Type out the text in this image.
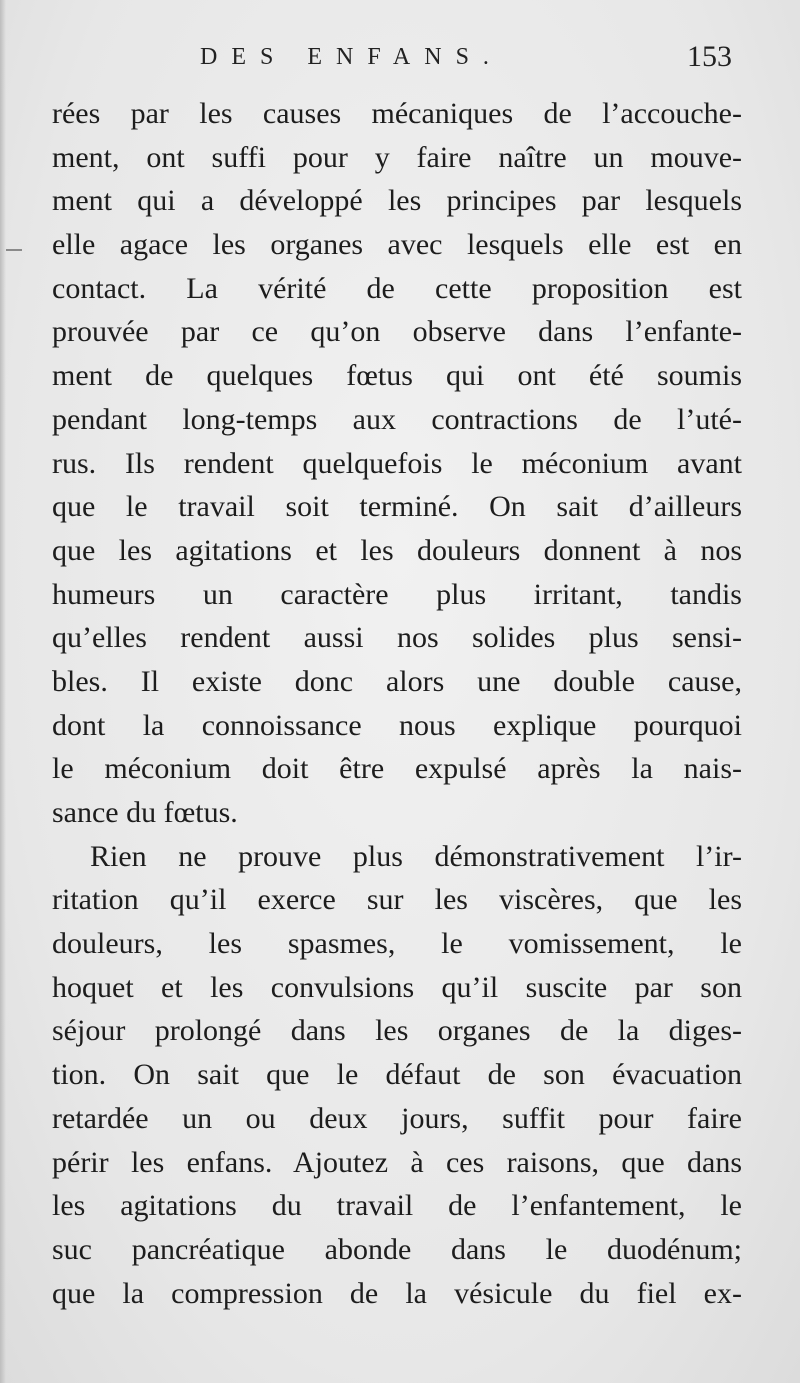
DES ENFANS.	153
rées par les causes mécaniques de l’accouche-
ment, ont suffi pour y faire naître un mouve-
ment qui a développé les principes par lesquels
elle agace les organes avec lesquels elle est en
contact. La vérité de cette proposition est
prouvée par ce qu’on observe dans l’enfante-
ment de quelques fœtus qui ont été soumis
pendant long-temps aux contractions de l’uté-
rus. Ils rendent quelquefois le méconium avant
que le travail soit terminé. On sait d’ailleurs
que les agitations et les douleurs donnent à nos
humeurs un caractère plus irritant, tandis
qu’elles rendent aussi nos solides plus sensi-
bles. Il existe donc alors une double cause,
dont la connoissance nous explique pourquoi
le méconium doit être expulsé après la nais-
sance du fœtus.
Rien ne prouve plus démonstrativement l’ir-
ritation qu’il exerce sur les viscères, que les
douleurs, les spasmes, le vomissement, le
hoquet et les convulsions qu’il suscite par son
séjour prolongé dans les organes de la diges-
tion. On sait que le défaut de son évacuation
retardée un ou deux jours, suffit pour faire
périr les enfans. Ajoutez à ces raisons, que dans
les agitations du travail de l’enfantement, le
suc pancréatique abonde dans le duodénum;
que la compression de la vésicule du fiel ex-
